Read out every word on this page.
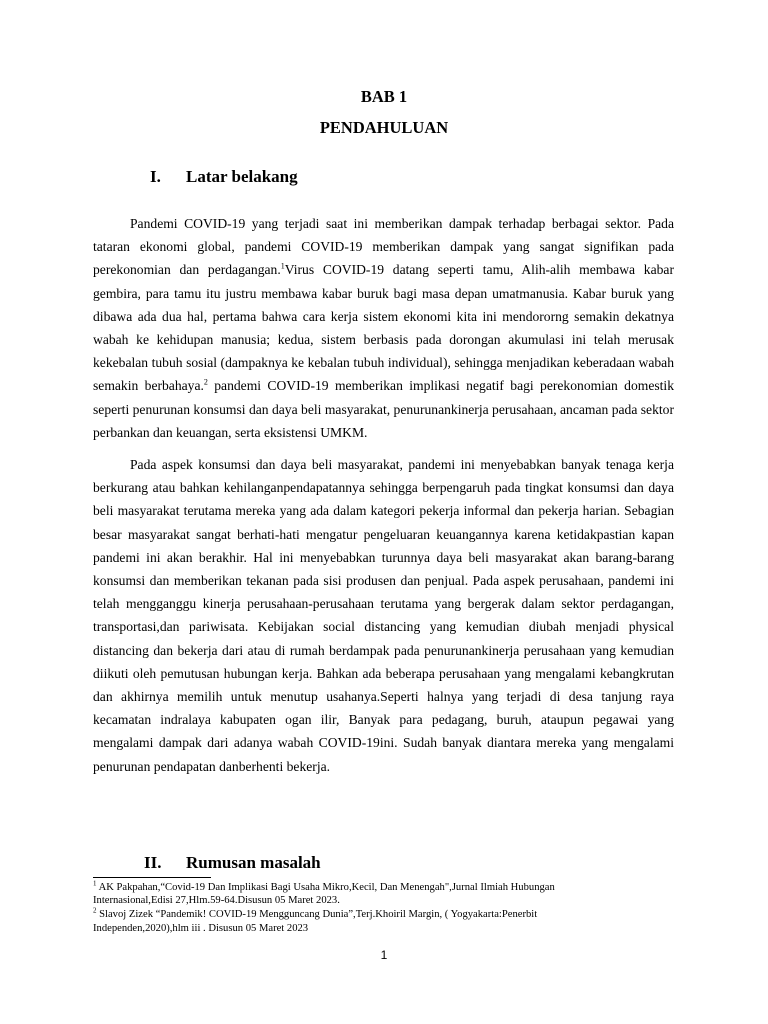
BAB 1
PENDAHULUAN
I. Latar belakang

Pandemi COVID-19 yang terjadi saat ini memberikan dampak terhadap berbagai sektor. Pada tataran ekonomi global, pandemi COVID-19 memberikan dampak yang sangat signifikan pada perekonomian dan perdagangan.$^1$Virus COVID-19 datang seperti tamu, Alih-alih membawa kabar gembira, para tamu itu justru membawa kabar buruk bagi masa depan umatmanusia. Kabar buruk yang dibawa ada dua hal, pertama bahwa cara kerja sistem ekonomi kita ini mendororng semakin dekatnya wabah ke kehidupan manusia; kedua, sistem berbasis pada dorongan akumulasi ini telah merusak kekebalan tubuh sosial (dampaknya ke kebalan tubuh individual), sehingga menjadikan keberadaan wabah semakin berbahaya.$^2$ pandemi COVID-19 memberikan implikasi negatif bagi perekonomian domestik seperti penurunan konsumsi dan daya beli masyarakat, penurunankinerja perusahaan, ancaman pada sektor perbankan dan keuangan, serta eksistensi UMKM.

Pada aspek konsumsi dan daya beli masyarakat, pandemi ini menyebabkan banyak tenaga kerja berkurang atau bahkan kehilanganpendapatannya sehingga berpengaruh pada tingkat konsumsi dan daya beli masyarakat terutama mereka yang ada dalam kategori pekerja informal dan pekerja harian. Sebagian besar masyarakat sangat berhati-hati mengatur pengeluaran keuangannya karena ketidakpastian kapan pandemi ini akan berakhir. Hal ini menyebabkan turunnya daya beli masyarakat akan barang-barang konsumsi dan memberikan tekanan pada sisi produsen dan penjual. Pada aspek perusahaan, pandemi ini telah mengganggu kinerja perusahaan-perusahaan terutama yang bergerak dalam sektor perdagangan, transportasi,dan pariwisata. Kebijakan social distancing yang kemudian diubah menjadi physical distancing dan bekerja dari atau di rumah berdampak pada penurunankinerja perusahaan yang kemudian diikuti oleh pemutusan hubungan kerja. Bahkan ada beberapa perusahaan yang mengalami kebangkrutan dan akhirnya memilih untuk menutup usahanya.Seperti halnya yang terjadi di desa tanjung raya kecamatan indralaya kabupaten ogan ilir, Banyak para pedagang, buruh, ataupun pegawai yang mengalami dampak dari adanya wabah COVID-19ini. Sudah banyak diantara mereka yang mengalami penurunan pendapatan danberhenti bekerja.

II. Rumusan masalah

$^1$ AK Pakpahan,“Covid-19 Dan Implikasi Bagi Usaha Mikro,Kecil, Dan Menengah",Jurnal Ilmiah Hubungan Internasional,Edisi 27,Hlm.59-64.Disusun 05 Maret 2023.

$^2$ Slavoj Zizek “Pandemik! COVID-19 Mengguncang Dunia”,Terj.Khoiril Margin, ( Yogyakarta:Penerbit Independen,2020),hlm iii . Disusun 05 Maret 2023

1
